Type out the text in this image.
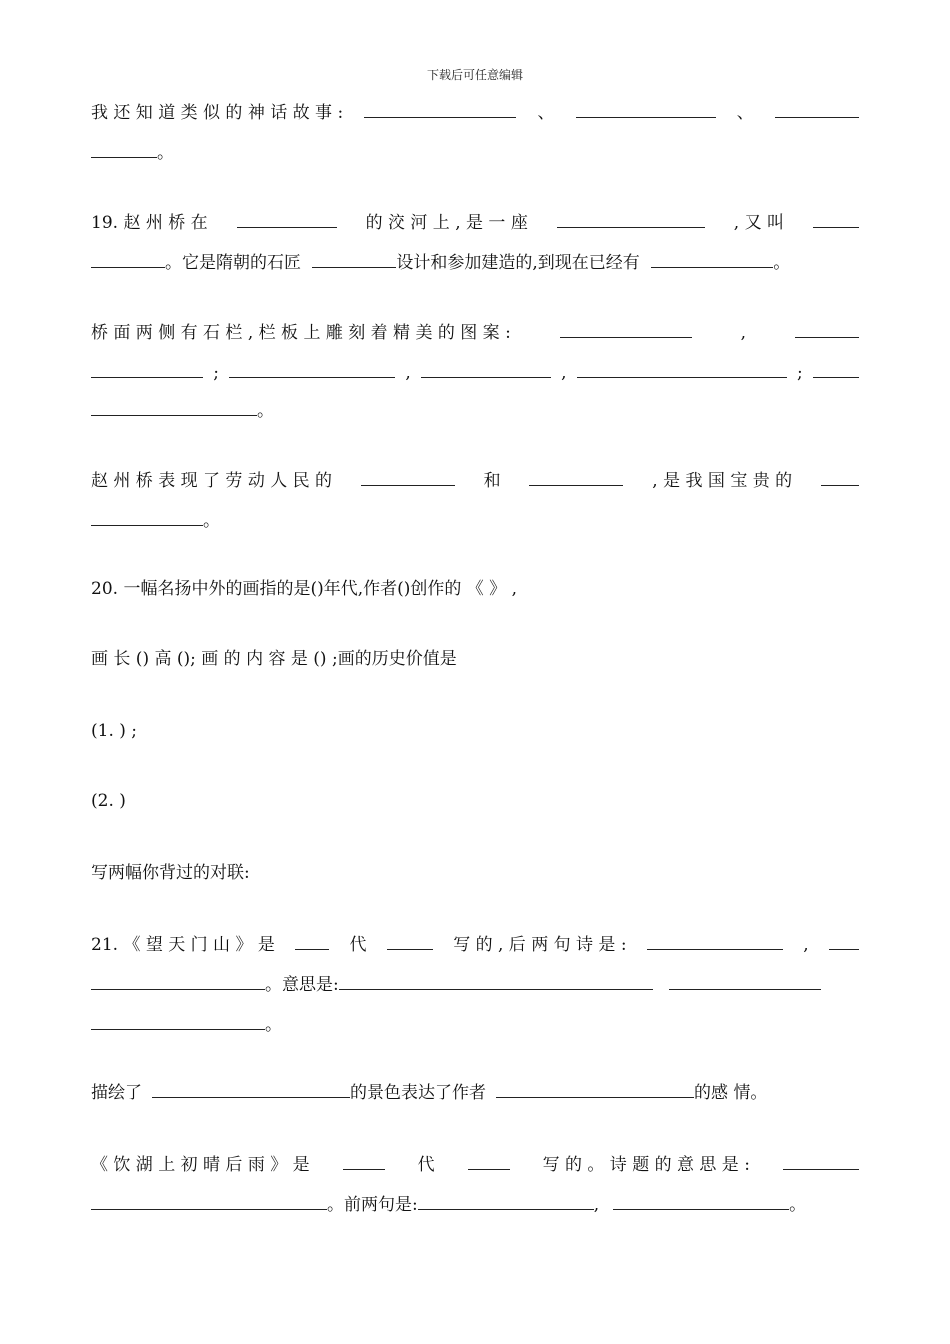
下载后可任意编辑
我 还 知 道 类 似 的 神 话 故 事 :	、	、
。
19. 赵 州 桥 在	的 洨 河 上 , 是 一 座	, 又 叫
。它是隋朝的石匠	设计和参加建造的,到现在已经有	。
桥 面 两 侧 有 石 栏 , 栏 板 上 雕 刻 着 精 美 的 图 案 :	,
;	,	,	;
。
赵 州 桥 表 现 了 劳 动 人 民 的	和	, 是 我 国 宝 贵 的
。
20. 一幅名扬中外的画指的是()年代,作者()创作的 《 》 ,
画 长 () 高 (); 画 的 内 容 是 () ;画的历史价值是
(1. ) ;
(2. )
写两幅你背过的对联:
21. 《 望 天 门 山 》 是	代	写 的 , 后 两 句 诗 是 :	,
。意思是:
。
描绘了	的景色表达了作者	的感 情。
《 饮 湖 上 初 晴 后 雨 》 是	代	写 的 。 诗 题 的 意 思 是 :
。前两句是:	,	。
